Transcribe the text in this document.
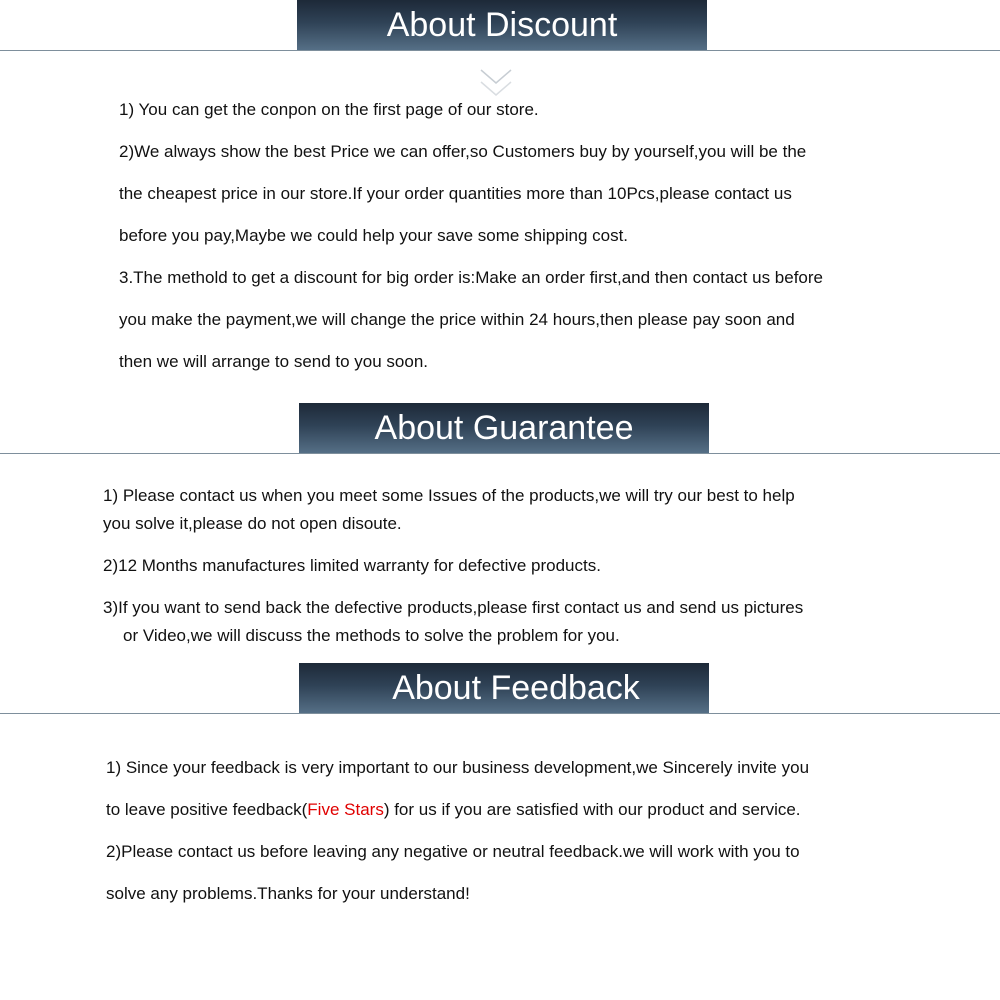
About Discount
1) You can get the conpon on the first page of our store.
2)We always show the best Price we can offer,so Customers buy by yourself,you will be the
the cheapest price in our store.If your order quantities more than 10Pcs,please contact us
before you pay,Maybe we could help your save some shipping cost.
3.The methold to get a discount for big order is:Make an order first,and then contact us before
you make the payment,we will change the price within 24 hours,then please pay soon and
then we will arrange to send to you soon.
About Guarantee
1) Please contact us when you meet some Issues of the products,we will try our best to help
you solve it,please do not open disoute.
2)12 Months manufactures limited warranty for defective products.
3)If you want to send back the defective products,please first contact us and send us pictures
or Video,we will discuss the methods to solve the problem for you.
About Feedback
1) Since your feedback is very important to our business development,we Sincerely invite you
to leave positive feedback(Five Stars) for us if you are satisfied with our product and service.
2)Please contact us before leaving any negative or neutral feedback.we will work with you to
solve any problems.Thanks for your understand!
